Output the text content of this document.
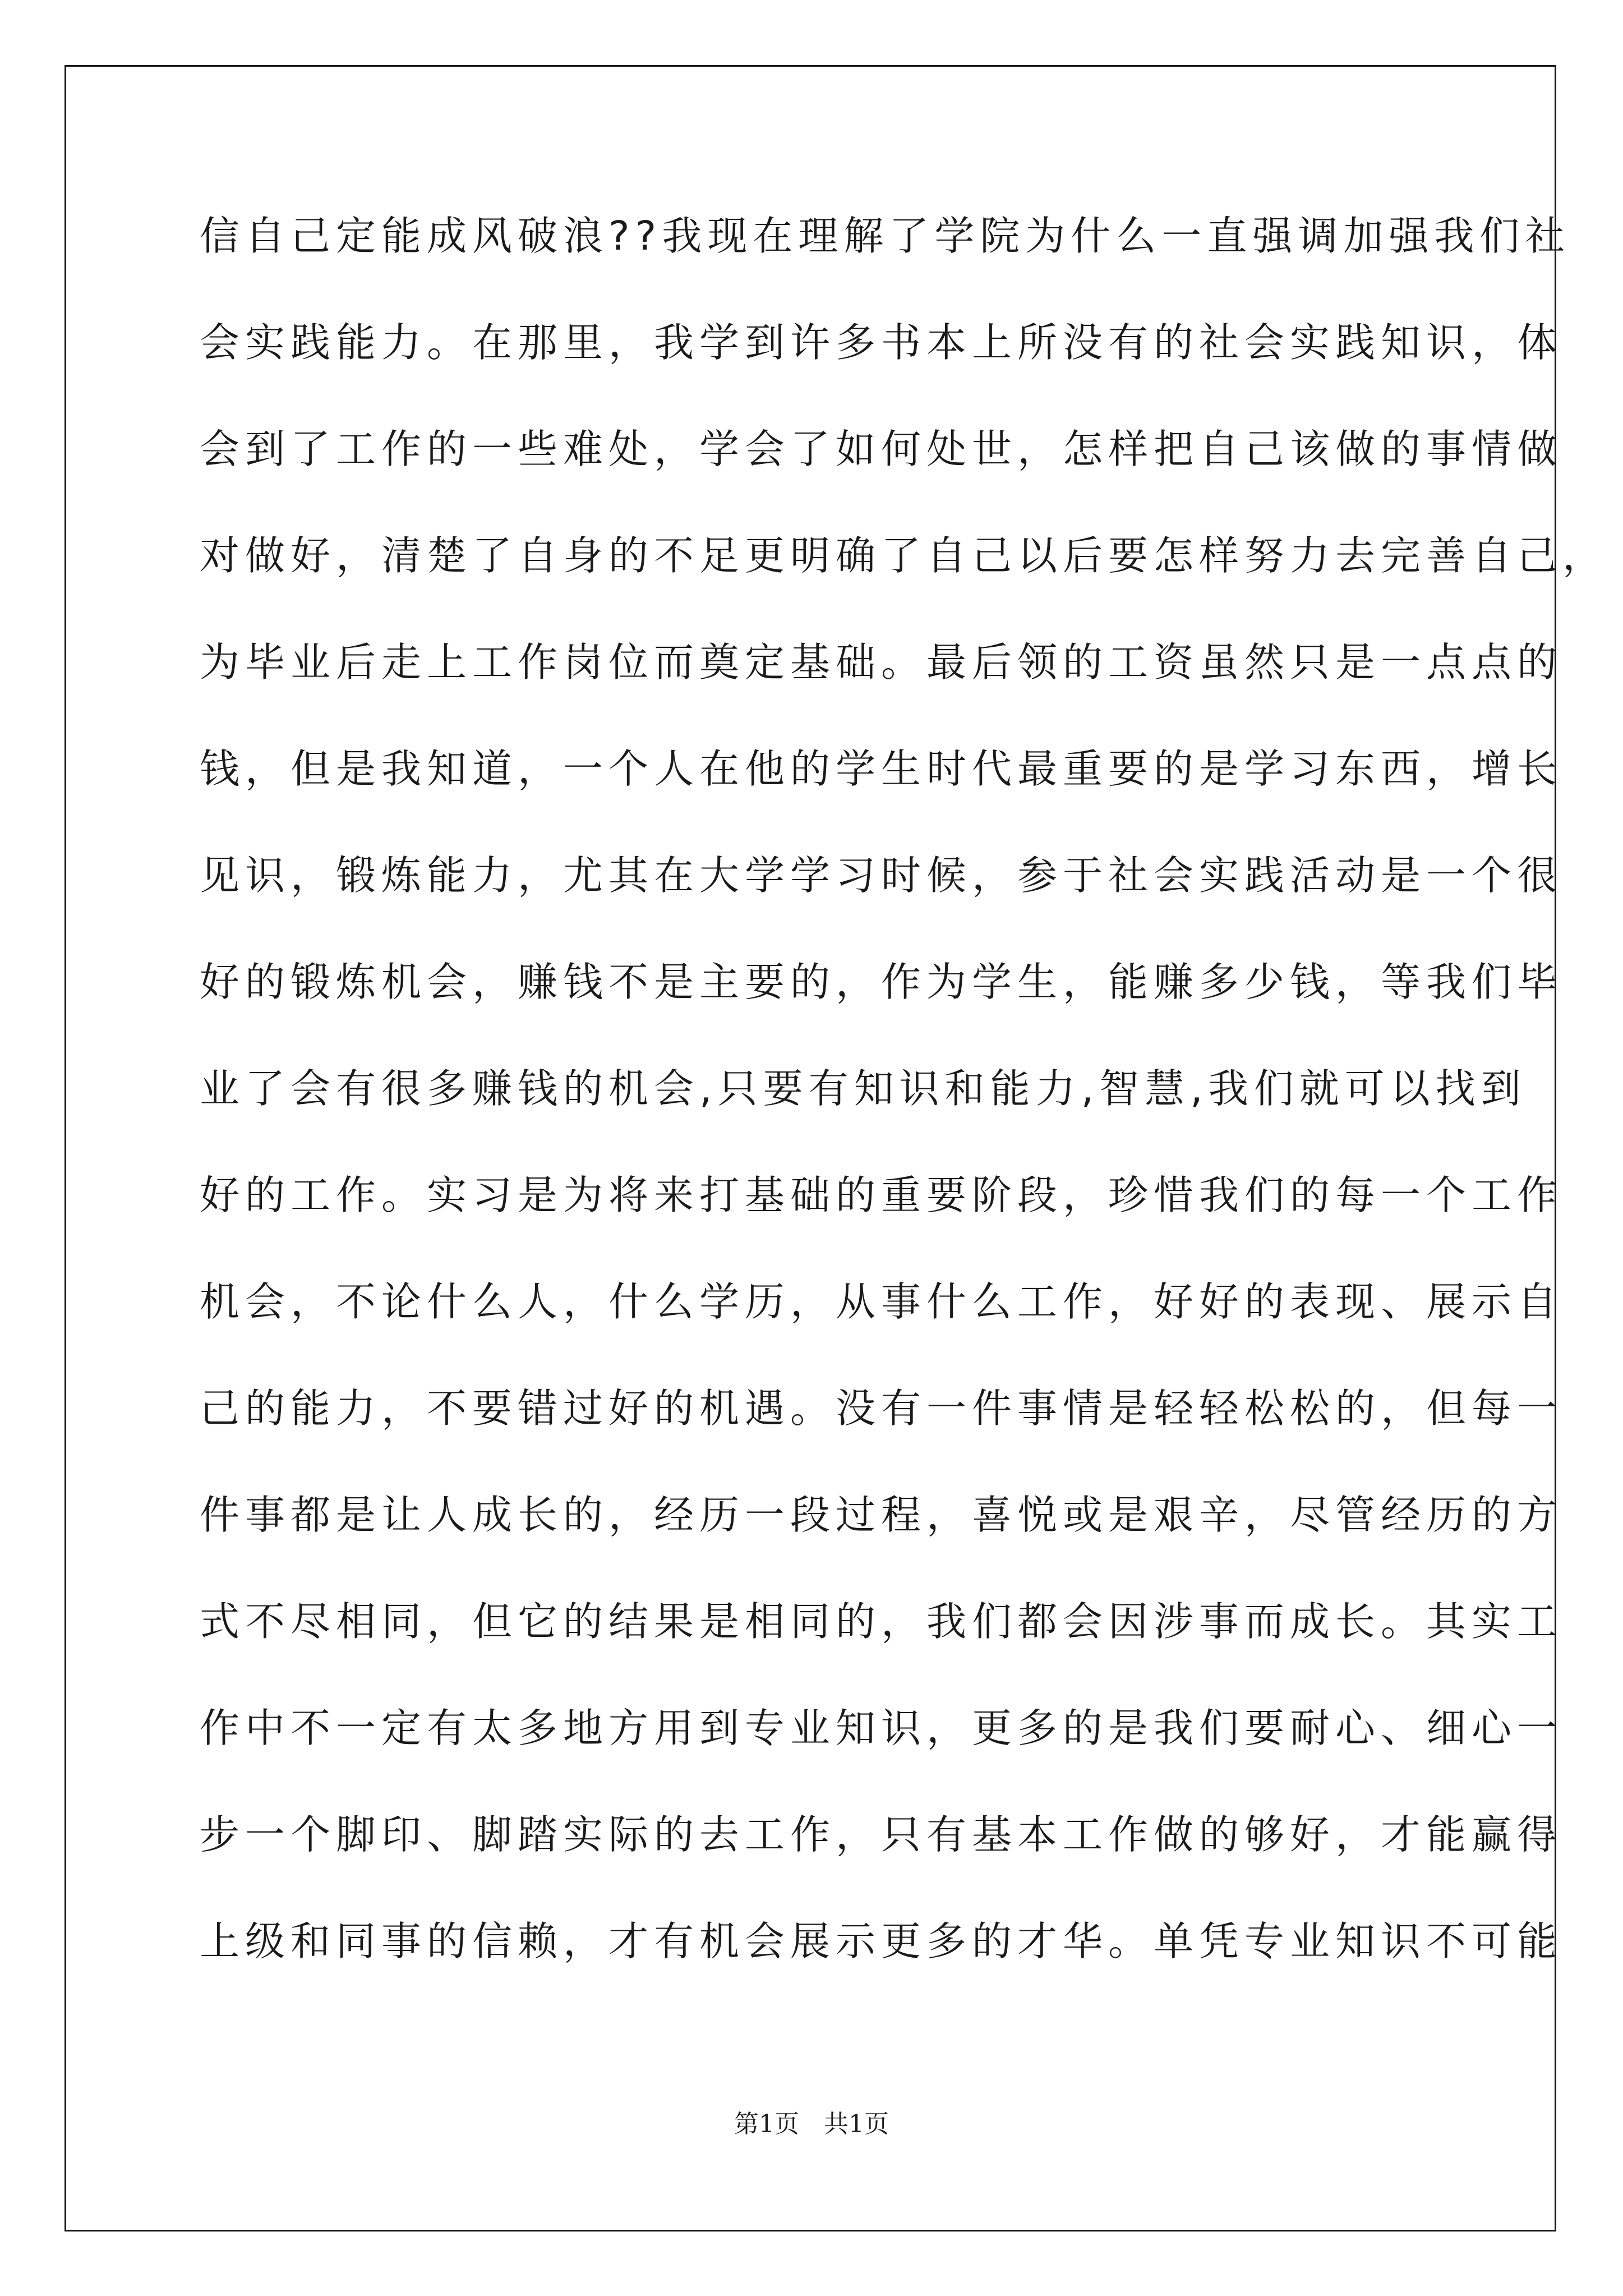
信自己定能成风破浪??我现在理解了学院为什么一直强调加强我们社
会实践能力。在那里，我学到许多书本上所没有的社会实践知识，体
会到了工作的一些难处，学会了如何处世，怎样把自己该做的事情做
对做好，清楚了自身的不足更明确了自己以后要怎样努力去完善自己，
为毕业后走上工作岗位而奠定基础。最后领的工资虽然只是一点点的
钱，但是我知道，一个人在他的学生时代最重要的是学习东西，增长
见识，锻炼能力，尤其在大学学习时候，参于社会实践活动是一个很
好的锻炼机会，赚钱不是主要的，作为学生，能赚多少钱，等我们毕
业了会有很多赚钱的机会,只要有知识和能力,智慧,我们就可以找到
好的工作。实习是为将来打基础的重要阶段，珍惜我们的每一个工作
机会，不论什么人，什么学历，从事什么工作，好好的表现、展示自
己的能力，不要错过好的机遇。没有一件事情是轻轻松松的，但每一
件事都是让人成长的，经历一段过程，喜悦或是艰辛，尽管经历的方
式不尽相同，但它的结果是相同的，我们都会因涉事而成长。其实工
作中不一定有太多地方用到专业知识，更多的是我们要耐心、细心一
步一个脚印、脚踏实际的去工作，只有基本工作做的够好，才能赢得
上级和同事的信赖，才有机会展示更多的才华。单凭专业知识不可能
第1页 共1页
